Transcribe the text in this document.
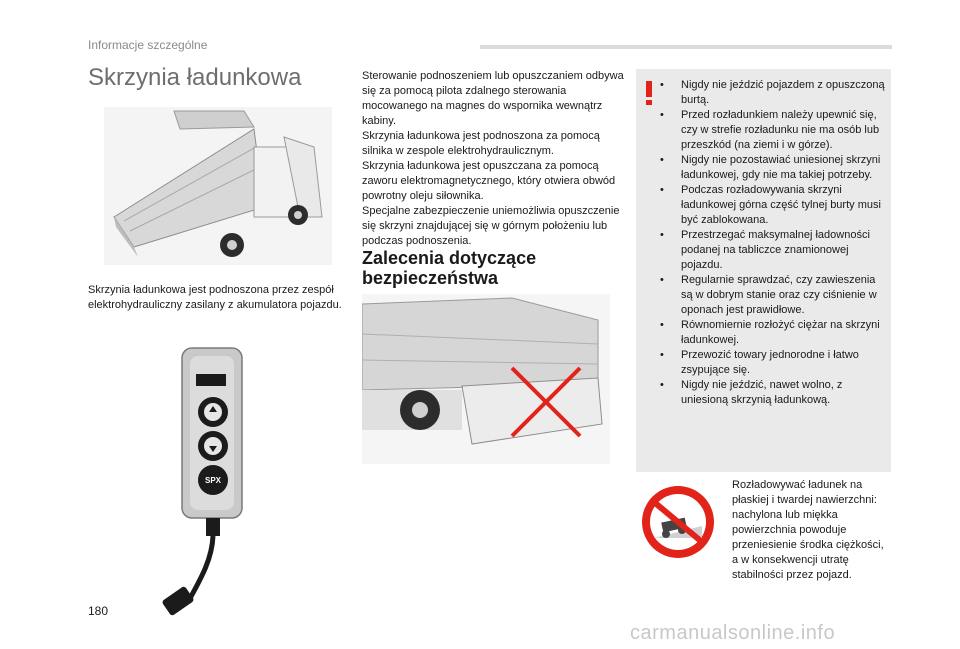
Informacje szczególne
Skrzynia ładunkowa
Skrzynia ładunkowa jest podnoszona przez zespół elektrohydrauliczny zasilany z akumulatora pojazdu.
SPX

Sterowanie podnoszeniem lub opuszczaniem odbywa się za pomocą pilota zdalnego sterowania mocowanego na magnes do wspornika wewnątrz kabiny.

Skrzynia ładunkowa jest podnoszona za pomocą silnika w zespole elektrohydraulicznym.

Skrzynia ładunkowa jest opuszczana za pomocą zaworu elektromagnetycznego, który otwiera obwód powrotny oleju siłownika.

Specjalne zabezpieczenie uniemożliwia opuszczenie się skrzyni znajdującej się w górnym położeniu lub podczas podnoszenia.

Zalecenia dotyczące bezpieczeństwa
• Nigdy nie jeździć pojazdem z opuszczoną burtą.
• Przed rozładunkiem należy upewnić się, czy w strefie rozładunku nie ma osób lub przeszkód (na ziemi i w górze).
• Nigdy nie pozostawiać uniesionej skrzyni ładunkowej, gdy nie ma takiej potrzeby.
• Podczas rozładowywania skrzyni ładunkowej górna część tylnej burty musi być zablokowana.
• Przestrzegać maksymalnej ładowności podanej na tabliczce znamionowej pojazdu.
• Regularnie sprawdzać, czy zawieszenia są w dobrym stanie oraz czy ciśnienie w oponach jest prawidłowe.
• Równomiernie rozłożyć ciężar na skrzyni ładunkowej.
• Przewozić towary jednorodne i łatwo zsypujące się.
• Nigdy nie jeździć, nawet wolno, z uniesioną skrzynią ładunkową.
Rozładowywać ładunek na płaskiej i twardej nawierzchni: nachylona lub miękka powierzchnia powoduje przeniesienie środka ciężkości, a w konsekwencji utratę stabilności przez pojazd.
180
carmanualsonline.info
